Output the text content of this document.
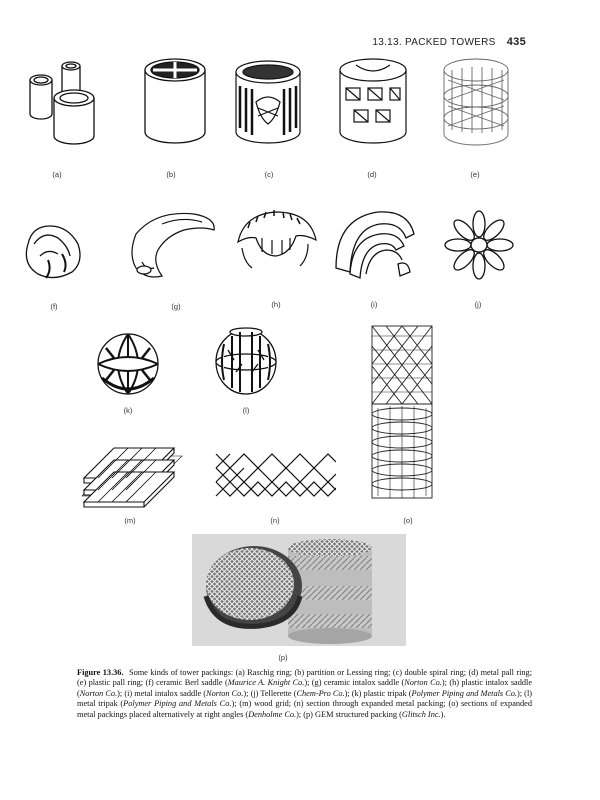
13.13. PACKED TOWERS 435
(a)	(b)	(c)	(d)	(e)
(f)	(g)	(h)	(i)	(j)
(k)	(l)
(o)
(m)	(n)
(p)
Figure 13.36. Some kinds of tower packings: (a) Raschig ring; (b) partition or Lessing ring; (c) double spiral ring; (d) metal pall ring; (e) plastic pall ring; (f) ceramic Berl saddle (Maurice A. Knight Co.); (g) ceramic intalox saddle (Norton Co.); (h) plastic intalox saddle (Norton Co.); (i) metal intalox saddle (Norton Co.); (j) Tellerette (Chem-Pro Co.); (k) plastic tripak (Polymer Piping and Metals Co.); (l) metal tripak (Polymer Piping and Metals Co.); (m) wood grid; (n) section through expanded metal packing; (o) sections of expanded metal packings placed alternatively at right angles (Denholme Co.); (p) GEM structured packing (Glitsch Inc.).
